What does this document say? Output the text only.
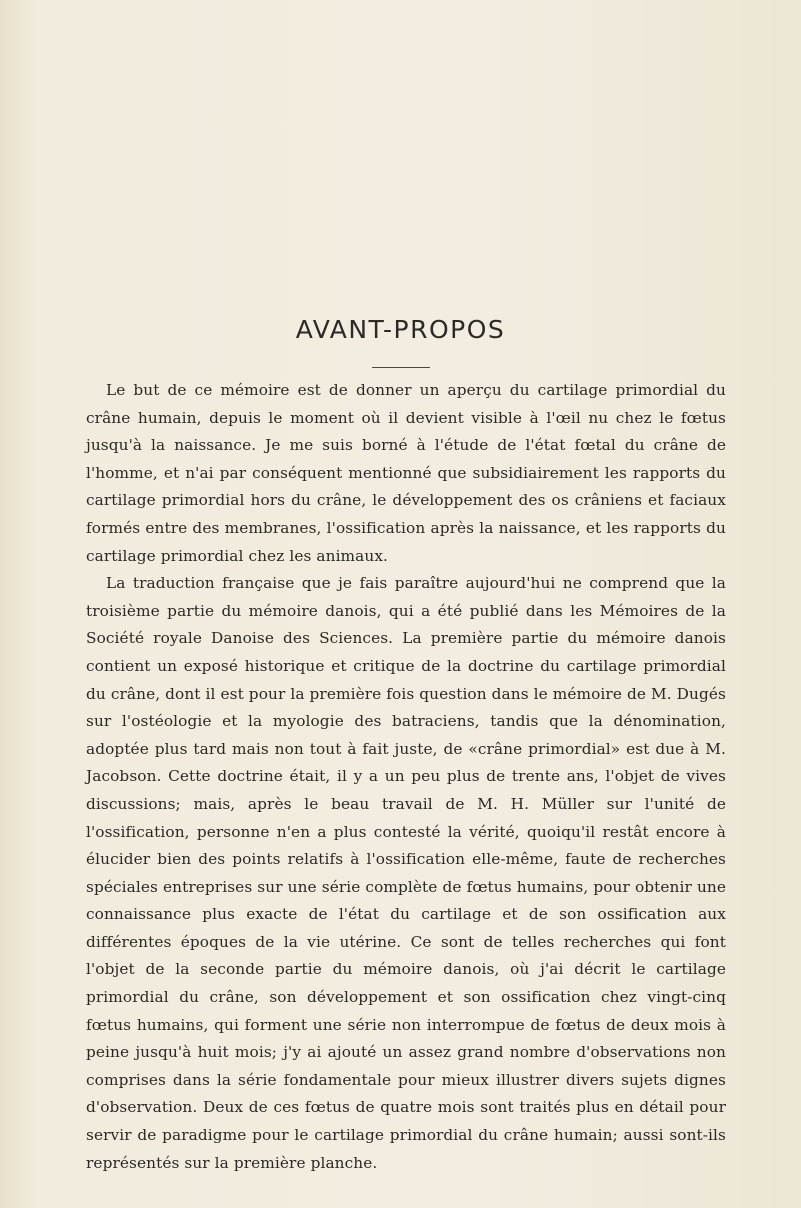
AVANT-PROPOS

Le but de ce mémoire est de donner un aperçu du cartilage primordial du crâne humain, depuis le moment où il devient visible à l'œil nu chez le fœtus jusqu'à la naissance. Je me suis borné à l'étude de l'état fœtal du crâne de l'homme, et n'ai par conséquent mentionné que subsidiairement les rapports du cartilage primordial hors du crâne, le développement des os crâniens et faciaux formés entre des membranes, l'ossification après la naissance, et les rapports du cartilage primordial chez les animaux.

La traduction française que je fais paraître aujourd'hui ne comprend que la troisième partie du mémoire danois, qui a été publié dans les Mémoires de la Société royale Danoise des Sciences. La première partie du mémoire danois contient un exposé historique et critique de la doctrine du cartilage primordial du crâne, dont il est pour la première fois question dans le mémoire de M. Dugés sur l'ostéologie et la myologie des batraciens, tandis que la dénomination, adoptée plus tard mais non tout à fait juste, de «crâne primordial» est due à M. Jacobson. Cette doctrine était, il y a un peu plus de trente ans, l'objet de vives discussions; mais, après le beau travail de M. H. Müller sur l'unité de l'ossification, personne n'en a plus contesté la vérité, quoiqu'il restât encore à élucider bien des points relatifs à l'ossification elle-même, faute de recherches spéciales entreprises sur une série complète de fœtus humains, pour obtenir une connaissance plus exacte de l'état du cartilage et de son ossification aux différentes époques de la vie utérine. Ce sont de telles recherches qui font l'objet de la seconde partie du mémoire danois, où j'ai décrit le cartilage primordial du crâne, son développement et son ossification chez vingt-cinq fœtus humains, qui forment une série non interrompue de fœtus de deux mois à peine jusqu'à huit mois; j'y ai ajouté un assez grand nombre d'observations non comprises dans la série fondamentale pour mieux illustrer divers sujets dignes d'observation. Deux de ces fœtus de quatre mois sont traités plus en détail pour servir de paradigme pour le cartilage primordial du crâne humain; aussi sont-ils représentés sur la première planche.
